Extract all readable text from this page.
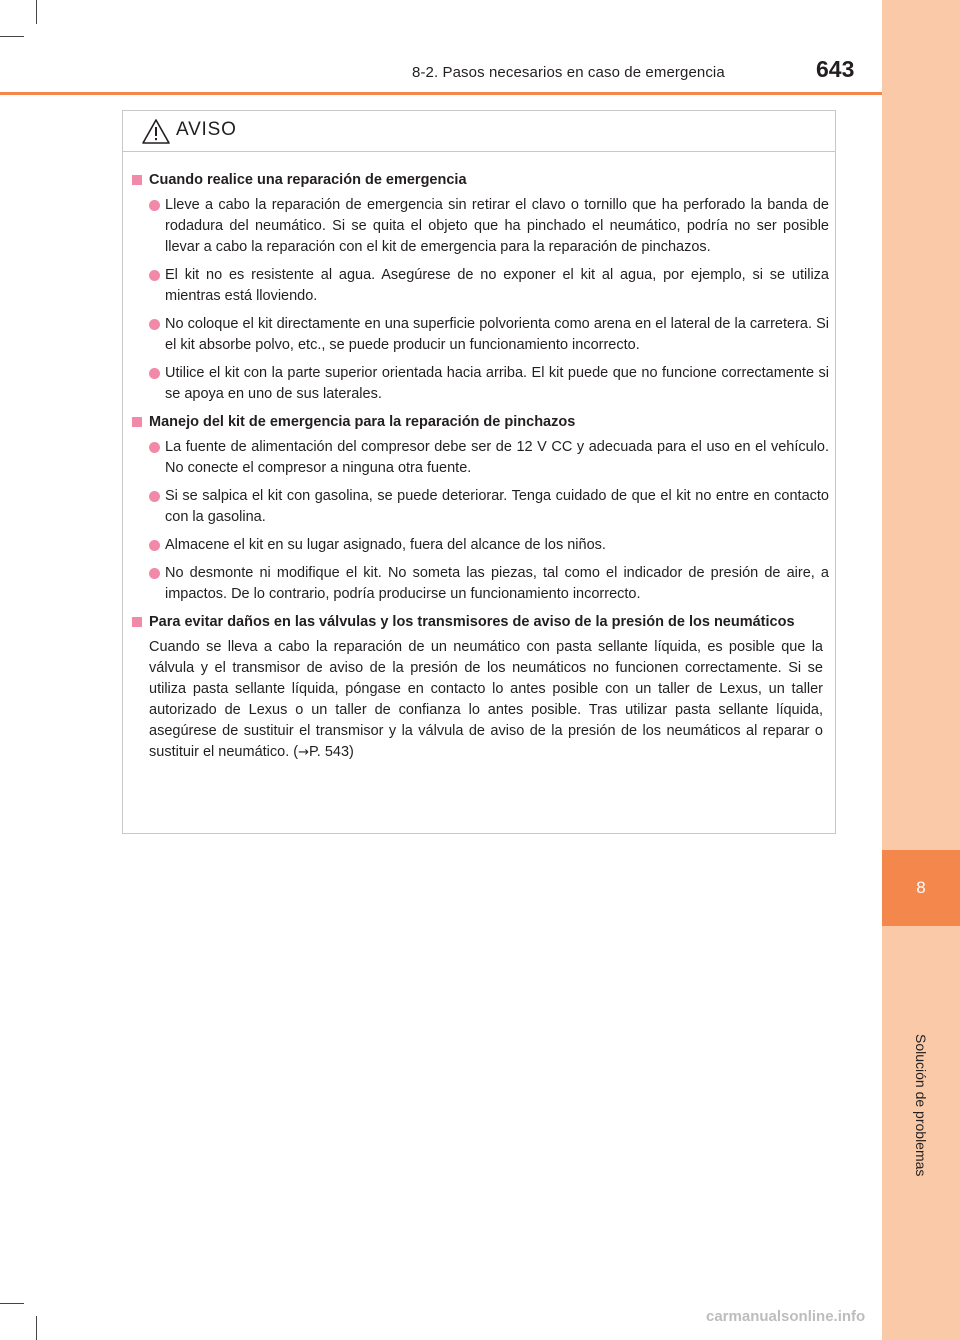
8
Solución de problemas
8-2. Pasos necesarios en caso de emergencia	643
AVISO
Cuando realice una reparación de emergencia
Lleve a cabo la reparación de emergencia sin retirar el clavo o tornillo que ha perforado la banda de rodadura del neumático. Si se quita el objeto que ha pinchado el neumático, podría no ser posible llevar a cabo la reparación con el kit de emergencia para la reparación de pinchazos.
El kit no es resistente al agua. Asegúrese de no exponer el kit al agua, por ejemplo, si se utiliza mientras está lloviendo.
No coloque el kit directamente en una superficie polvorienta como arena en el lateral de la carretera. Si el kit absorbe polvo, etc., se puede producir un funcionamiento incorrecto.
Utilice el kit con la parte superior orientada hacia arriba. El kit puede que no funcione correctamente si se apoya en uno de sus laterales.
Manejo del kit de emergencia para la reparación de pinchazos
La fuente de alimentación del compresor debe ser de 12 V CC y adecuada para el uso en el vehículo. No conecte el compresor a ninguna otra fuente.
Si se salpica el kit con gasolina, se puede deteriorar. Tenga cuidado de que el kit no entre en contacto con la gasolina.
Almacene el kit en su lugar asignado, fuera del alcance de los niños.
No desmonte ni modifique el kit. No someta las piezas, tal como el indicador de presión de aire, a impactos. De lo contrario, podría producirse un funcionamiento incorrecto.
Para evitar daños en las válvulas y los transmisores de aviso de la presión de los neumáticos
Cuando se lleva a cabo la reparación de un neumático con pasta sellante líquida, es posible que la válvula y el transmisor de aviso de la presión de los neumáticos no funcionen correctamente. Si se utiliza pasta sellante líquida, póngase en contacto lo antes posible con un taller de Lexus, un taller autorizado de Lexus o un taller de confianza lo antes posible. Tras utilizar pasta sellante líquida, asegúrese de sustituir el transmisor y la válvula de aviso de la presión de los neumáticos al reparar o sustituir el neumático. (→P. 543)
carmanualsonline.info
